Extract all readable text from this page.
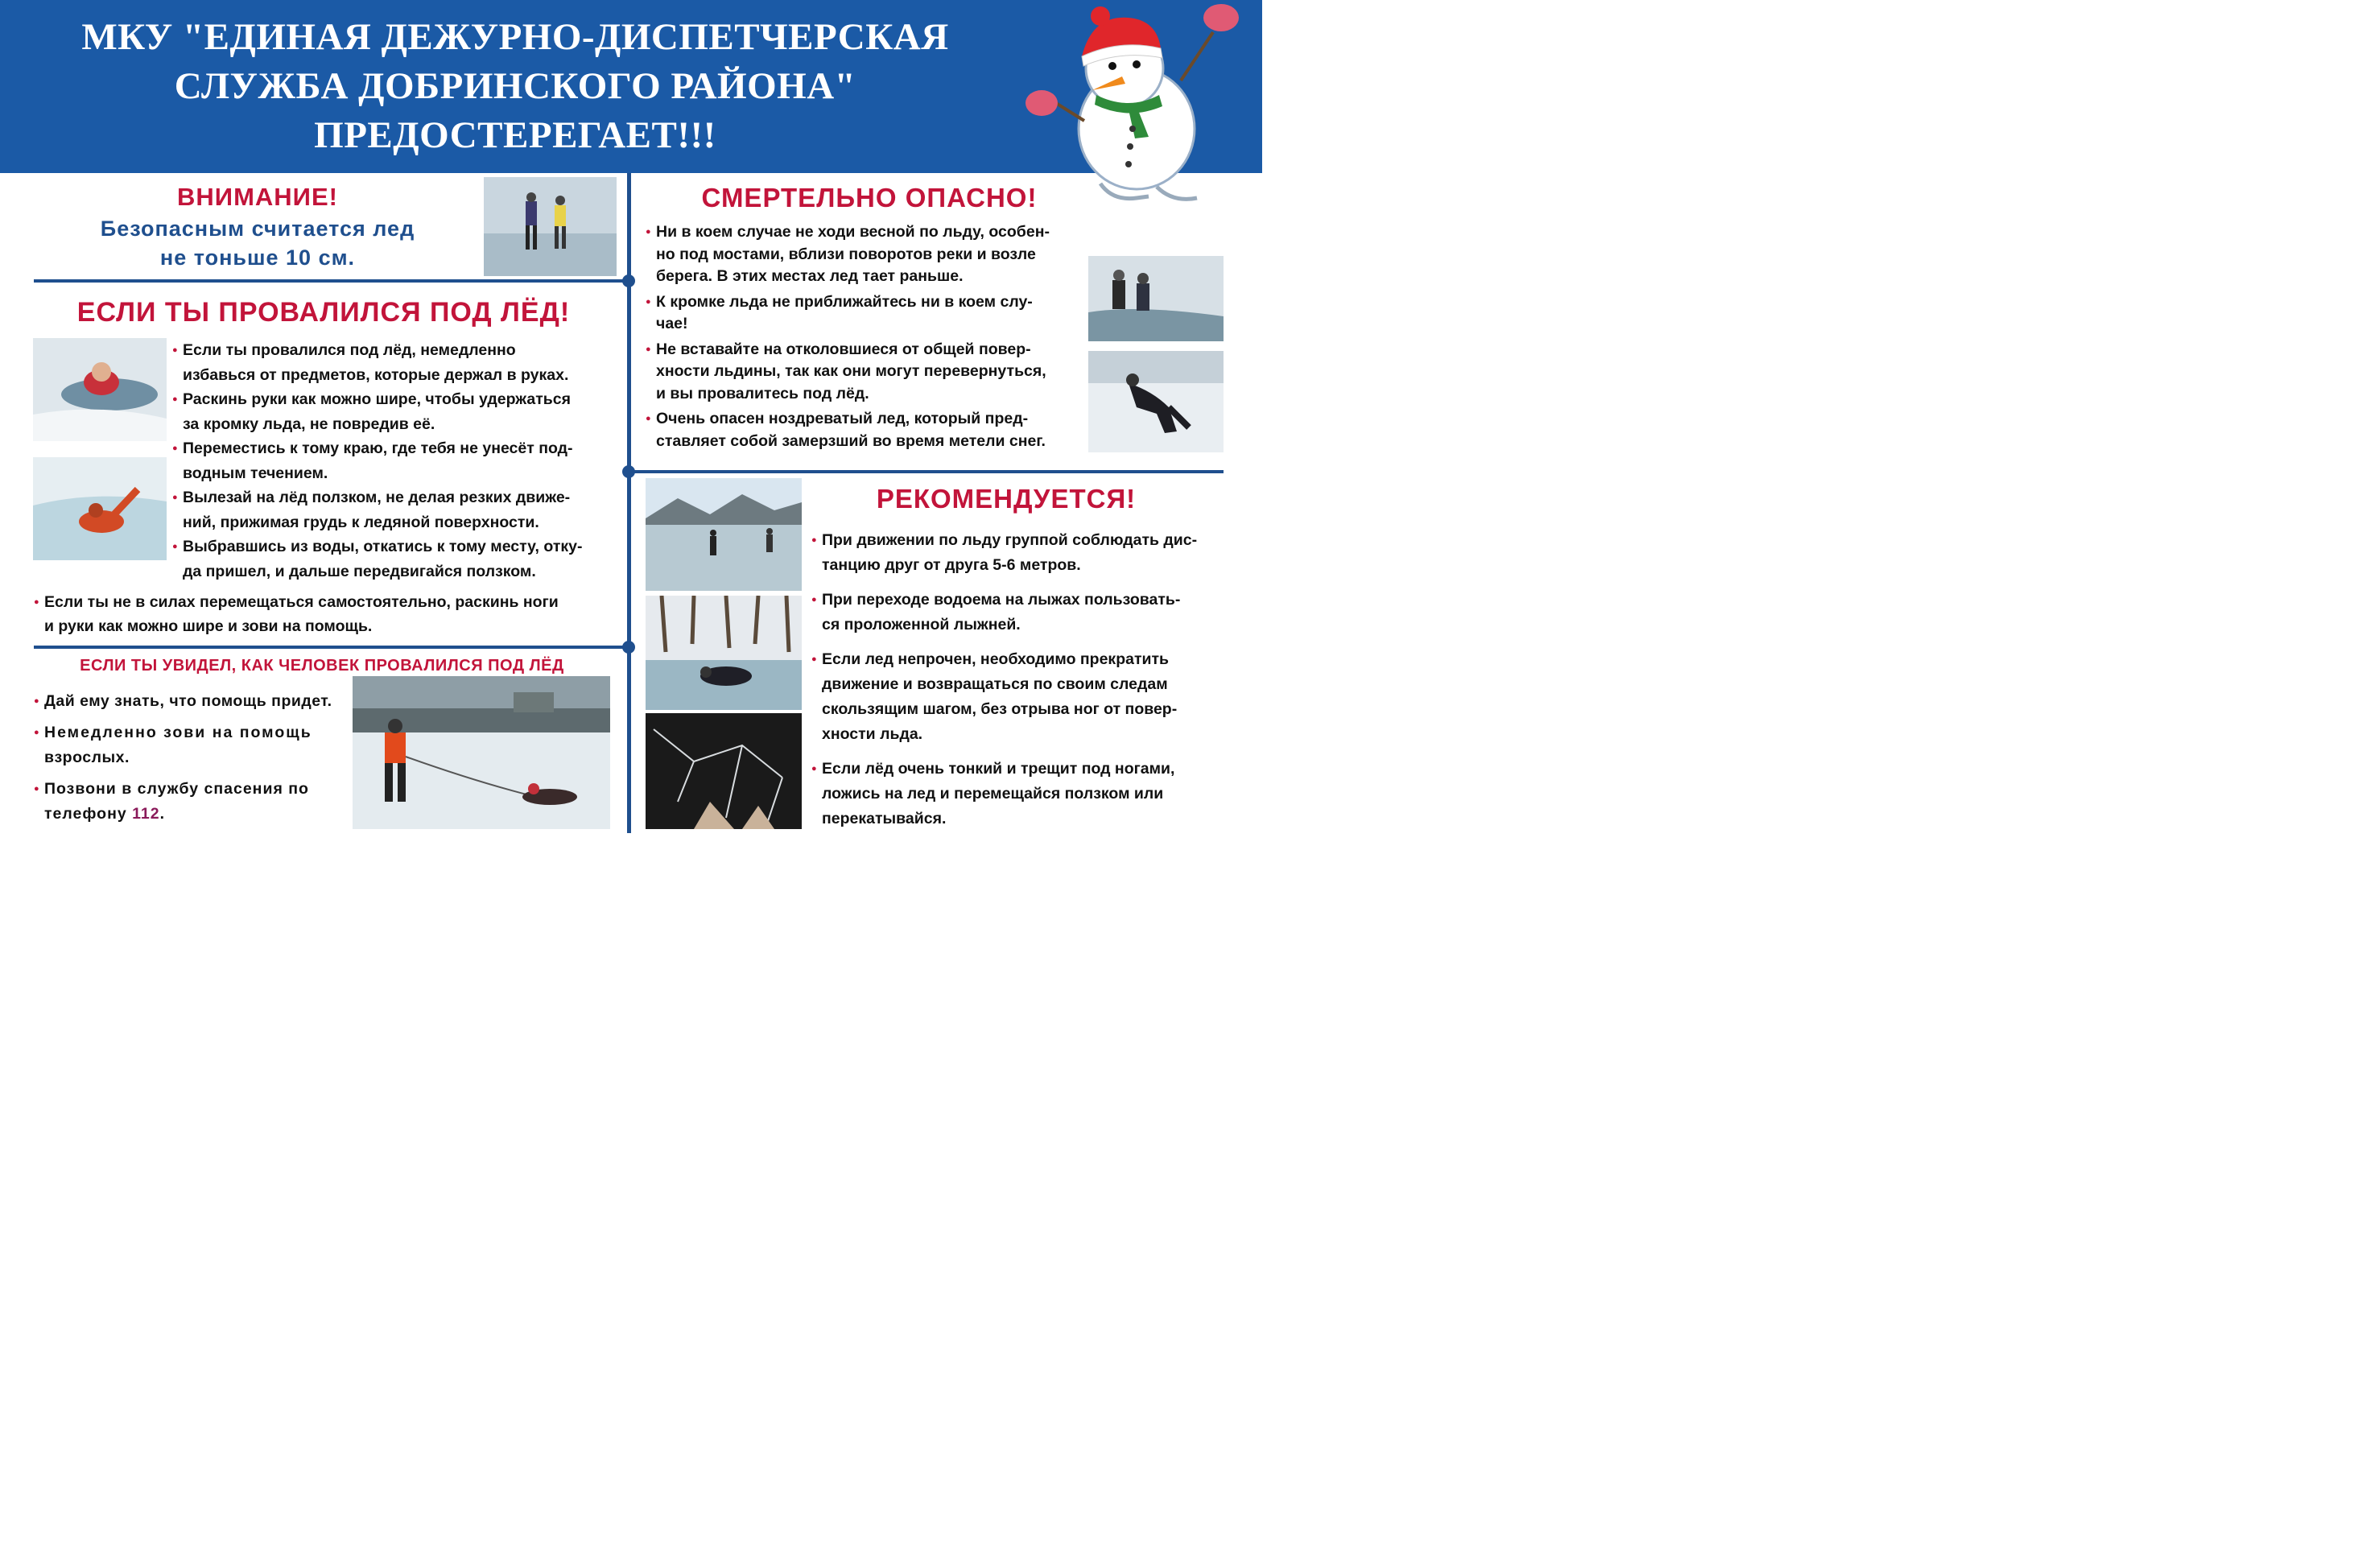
МКУ "ЕДИНАЯ ДЕЖУРНО-ДИСПЕТЧЕРСКАЯ
СЛУЖБА ДОБРИНСКОГО РАЙОНА"
ПРЕДОСТЕРЕГАЕТ!!!
ВНИМАНИЕ!
Безопасным считается лед
не тоньше 10 см.
ЕСЛИ ТЫ ПРОВАЛИЛСЯ ПОД ЛЁД!
● Если ты провалился под лёд, немедленно
избавься от предметов, которые держал в руках.
● Раскинь руки как можно шире, чтобы удержаться
за кромку льда, не повредив её.
● Переместись к тому краю, где тебя не унесёт под-
водным течением.
● Вылезай на лёд ползком, не делая резких движе-
ний, прижимая грудь к ледяной поверхности.
● Выбравшись из воды, откатись к тому месту, отку-
да пришел, и дальше передвигайся ползком.
● Если ты не в силах перемещаться самостоятельно, раскинь ноги
и руки как можно шире и зови на помощь.
ЕСЛИ ТЫ УВИДЕЛ, КАК ЧЕЛОВЕК ПРОВАЛИЛСЯ ПОД ЛЁД
● Дай ему знать, что помощь придет.
● Немедленно зови на помощь
взрослых.
● Позвони в службу спасения по
телефону 112.
СМЕРТЕЛЬНО ОПАСНО!
● Ни в коем случае не ходи весной по льду, особен-
но под мостами, вблизи поворотов реки и возле
берега. В этих местах лед тает раньше.
● К кромке льда не приближайтесь ни в коем слу-
чае!
● Не вставайте на отколовшиеся от общей повер-
хности льдины, так как они могут перевернуться,
и вы провалитесь под лёд.
● Очень опасен ноздреватый лед, который пред-
ставляет собой замерзший во время метели снег.
РЕКОМЕНДУЕТСЯ!
● При движении по льду группой соблюдать дис-
танцию друг от друга 5-6 метров.
● При переходе водоема на лыжах пользовать-
ся проложенной лыжней.
● Если лед непрочен, необходимо прекратить
движение и возвращаться по своим следам
скользящим шагом, без отрыва ног от повер-
хности льда.
● Если лёд очень тонкий и трещит под ногами,
ложись на лед и перемещайся ползком или
перекатывайся.
